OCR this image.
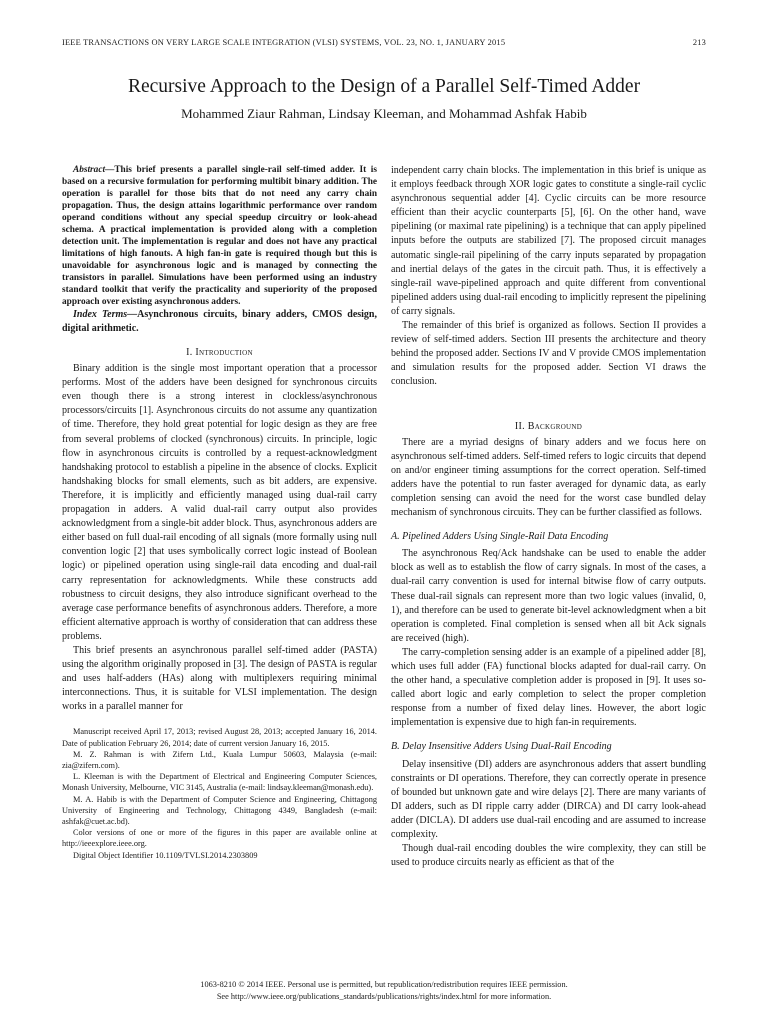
IEEE TRANSACTIONS ON VERY LARGE SCALE INTEGRATION (VLSI) SYSTEMS, VOL. 23, NO. 1, JANUARY 2015	213
Recursive Approach to the Design of a Parallel Self-Timed Adder
Mohammed Ziaur Rahman, Lindsay Kleeman, and Mohammad Ashfak Habib

Abstract—This brief presents a parallel single-rail self-timed adder. It is based on a recursive formulation for performing multibit binary addition. The operation is parallel for those bits that do not need any carry chain propagation. Thus, the design attains logarithmic performance over random operand conditions without any special speedup circuitry or look-ahead schema. A practical implementation is provided along with a completion detection unit. The implementation is regular and does not have any practical limitations of high fanouts. A high fan-in gate is required though but this is unavoidable for asynchronous logic and is managed by connecting the transistors in parallel. Simulations have been performed using an industry standard toolkit that verify the practicality and superiority of the proposed approach over existing asynchronous adders.

Index Terms—Asynchronous circuits, binary adders, CMOS design, digital arithmetic.

I. Introduction

Binary addition is the single most important operation that a processor performs. Most of the adders have been designed for synchronous circuits even though there is a strong interest in clockless/asynchronous processors/circuits [1]. Asynchronous circuits do not assume any quantization of time. Therefore, they hold great potential for logic design as they are free from several problems of clocked (synchronous) circuits. In principle, logic flow in asynchronous circuits is controlled by a request-acknowledgment handshaking protocol to establish a pipeline in the absence of clocks. Explicit handshaking blocks for small elements, such as bit adders, are expensive. Therefore, it is implicitly and efficiently managed using dual-rail carry propagation in adders. A valid dual-rail carry output also provides acknowledgment from a single-bit adder block. Thus, asynchronous adders are either based on full dual-rail encoding of all signals (more formally using null convention logic [2] that uses symbolically correct logic instead of Boolean logic) or pipelined operation using single-rail data encoding and dual-rail carry representation for acknowledgments. While these constructs add robustness to circuit designs, they also introduce significant overhead to the average case performance benefits of asynchronous adders. Therefore, a more efficient alternative approach is worthy of consideration that can address these problems.

This brief presents an asynchronous parallel self-timed adder (PASTA) using the algorithm originally proposed in [3]. The design of PASTA is regular and uses half-adders (HAs) along with multiplexers requiring minimal interconnections. Thus, it is suitable for VLSI implementation. The design works in a parallel manner for

Manuscript received April 17, 2013; revised August 28, 2013; accepted January 16, 2014. Date of publication February 26, 2014; date of current version January 16, 2015.

M. Z. Rahman is with Zifern Ltd., Kuala Lumpur 50603, Malaysia (e-mail: zia@zifern.com).

L. Kleeman is with the Department of Electrical and Engineering Computer Sciences, Monash University, Melbourne, VIC 3145, Australia (e-mail: lindsay.kleeman@monash.edu).

M. A. Habib is with the Department of Computer Science and Engineering, Chittagong University of Engineering and Technology, Chittagong 4349, Bangladesh (e-mail: ashfak@cuet.ac.bd).

Color versions of one or more of the figures in this paper are available online at http://ieeexplore.ieee.org.

Digital Object Identifier 10.1109/TVLSI.2014.2303809

independent carry chain blocks. The implementation in this brief is unique as it employs feedback through XOR logic gates to constitute a single-rail cyclic asynchronous sequential adder [4]. Cyclic circuits can be more resource efficient than their acyclic counterparts [5], [6]. On the other hand, wave pipelining (or maximal rate pipelining) is a technique that can apply pipelined inputs before the outputs are stabilized [7]. The proposed circuit manages automatic single-rail pipelining of the carry inputs separated by propagation and inertial delays of the gates in the circuit path. Thus, it is effectively a single-rail wave-pipelined approach and quite different from conventional pipelined adders using dual-rail encoding to implicitly represent the pipelining of carry signals.

The remainder of this brief is organized as follows. Section II provides a review of self-timed adders. Section III presents the architecture and theory behind the proposed adder. Sections IV and V provide CMOS implementation and simulation results for the proposed adder. Section VI draws the conclusion.

II. Background

There are a myriad designs of binary adders and we focus here on asynchronous self-timed adders. Self-timed refers to logic circuits that depend on and/or engineer timing assumptions for the correct operation. Self-timed adders have the potential to run faster averaged for dynamic data, as early completion sensing can avoid the need for the worst case bundled delay mechanism of synchronous circuits. They can be further classified as follows.

A. Pipelined Adders Using Single-Rail Data Encoding

The asynchronous Req/Ack handshake can be used to enable the adder block as well as to establish the flow of carry signals. In most of the cases, a dual-rail carry convention is used for internal bitwise flow of carry outputs. These dual-rail signals can represent more than two logic values (invalid, 0, 1), and therefore can be used to generate bit-level acknowledgment when a bit operation is completed. Final completion is sensed when all bit Ack signals are received (high).

The carry-completion sensing adder is an example of a pipelined adder [8], which uses full adder (FA) functional blocks adapted for dual-rail carry. On the other hand, a speculative completion adder is proposed in [9]. It uses so-called abort logic and early completion to select the proper completion response from a number of fixed delay lines. However, the abort logic implementation is expensive due to high fan-in requirements.

B. Delay Insensitive Adders Using Dual-Rail Encoding

Delay insensitive (DI) adders are asynchronous adders that assert bundling constraints or DI operations. Therefore, they can correctly operate in presence of bounded but unknown gate and wire delays [2]. There are many variants of DI adders, such as DI ripple carry adder (DIRCA) and DI carry look-ahead adder (DICLA). DI adders use dual-rail encoding and are assumed to increase complexity.

Though dual-rail encoding doubles the wire complexity, they can still be used to produce circuits nearly as efficient as that of the

1063-8210 © 2014 IEEE. Personal use is permitted, but republication/redistribution requires IEEE permission.
See http://www.ieee.org/publications_standards/publications/rights/index.html for more information.
